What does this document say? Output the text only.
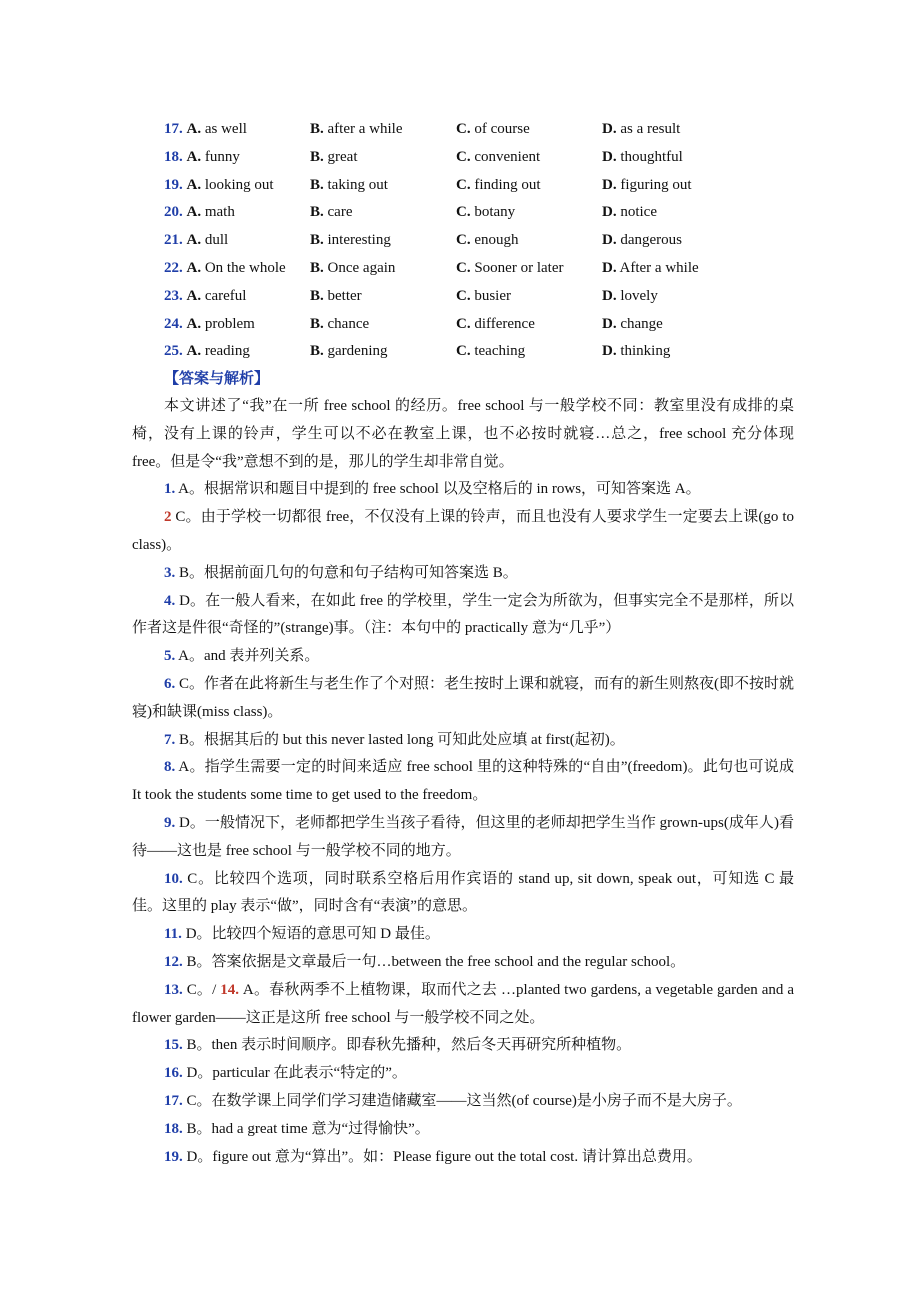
17. A. as well	B. after a while	C. of course	D. as a result
18. A. funny	B. great	C. convenient	D. thoughtful
19. A. looking out B. taking out	C. finding out	D. figuring out
20. A. math	B. care	C. botany	D. notice
21. A. dull	B. interesting	C. enough	D. dangerous
22. A. On the whole B. Once again	C. Sooner or later	D. After a while
23. A. careful	B. better	C. busier	D. lovely
24. A. problem	B. chance	C. difference	D. change
25. A. reading	B. gardening	C. teaching	D. thinking
【答案与解析】

本文讲述了“我”在一所 free school 的经历。free school 与一般学校不同：教室里没有成排的桌椅，没有上课的铃声，学生可以不必在教室上课，也不必按时就寝…总之，free school 充分体现 free。但是令“我”意想不到的是，那儿的学生却非常自觉。

1. A。根据常识和题目中提到的 free school 以及空格后的 in rows，可知答案选 A。

2 C。由于学校一切都很 free，不仅没有上课的铃声，而且也没有人要求学生一定要去上课(go to class)。

3. B。根据前面几句的句意和句子结构可知答案选 B。

4. D。在一般人看来，在如此 free 的学校里，学生一定会为所欲为，但事实完全不是那样，所以作者这是件很“奇怪的”(strange)事。（注：本句中的 practically 意为“几乎”）

5. A。and 表并列关系。

6. C。作者在此将新生与老生作了个对照：老生按时上课和就寝，而有的新生则熬夜(即不按时就寝)和缺课(miss class)。

7. B。根据其后的 but this never lasted long 可知此处应填 at first(起初)。

8. A。指学生需要一定的时间来适应 free school 里的这种特殊的“自由”(freedom)。此句也可说成 It took the students some time to get used to the freedom。

9. D。一般情况下，老师都把学生当孩子看待，但这里的老师却把学生当作 grown-ups(成年人)看待——这也是 free school 与一般学校不同的地方。

10. C。比较四个选项，同时联系空格后用作宾语的 stand up, sit down, speak out，可知选 C 最佳。这里的 play 表示“做”，同时含有“表演”的意思。

11. D。比较四个短语的意思可知 D 最佳。

12. B。答案依据是文章最后一句…between the free school and the regular school。

13. C。/ 14. A。春秋两季不上植物课，取而代之去 …planted two gardens, a vegetable garden and a flower garden——这正是这所 free school 与一般学校不同之处。

15. B。then 表示时间顺序。即春秋先播种，然后冬天再研究所种植物。

16. D。particular 在此表示“特定的”。

17. C。在数学课上同学们学习建造储藏室——这当然(of course)是小房子而不是大房子。

18. B。had a great time 意为“过得愉快”。

19. D。figure out 意为“算出”。如：Please figure out the total cost. 请计算出总费用。
